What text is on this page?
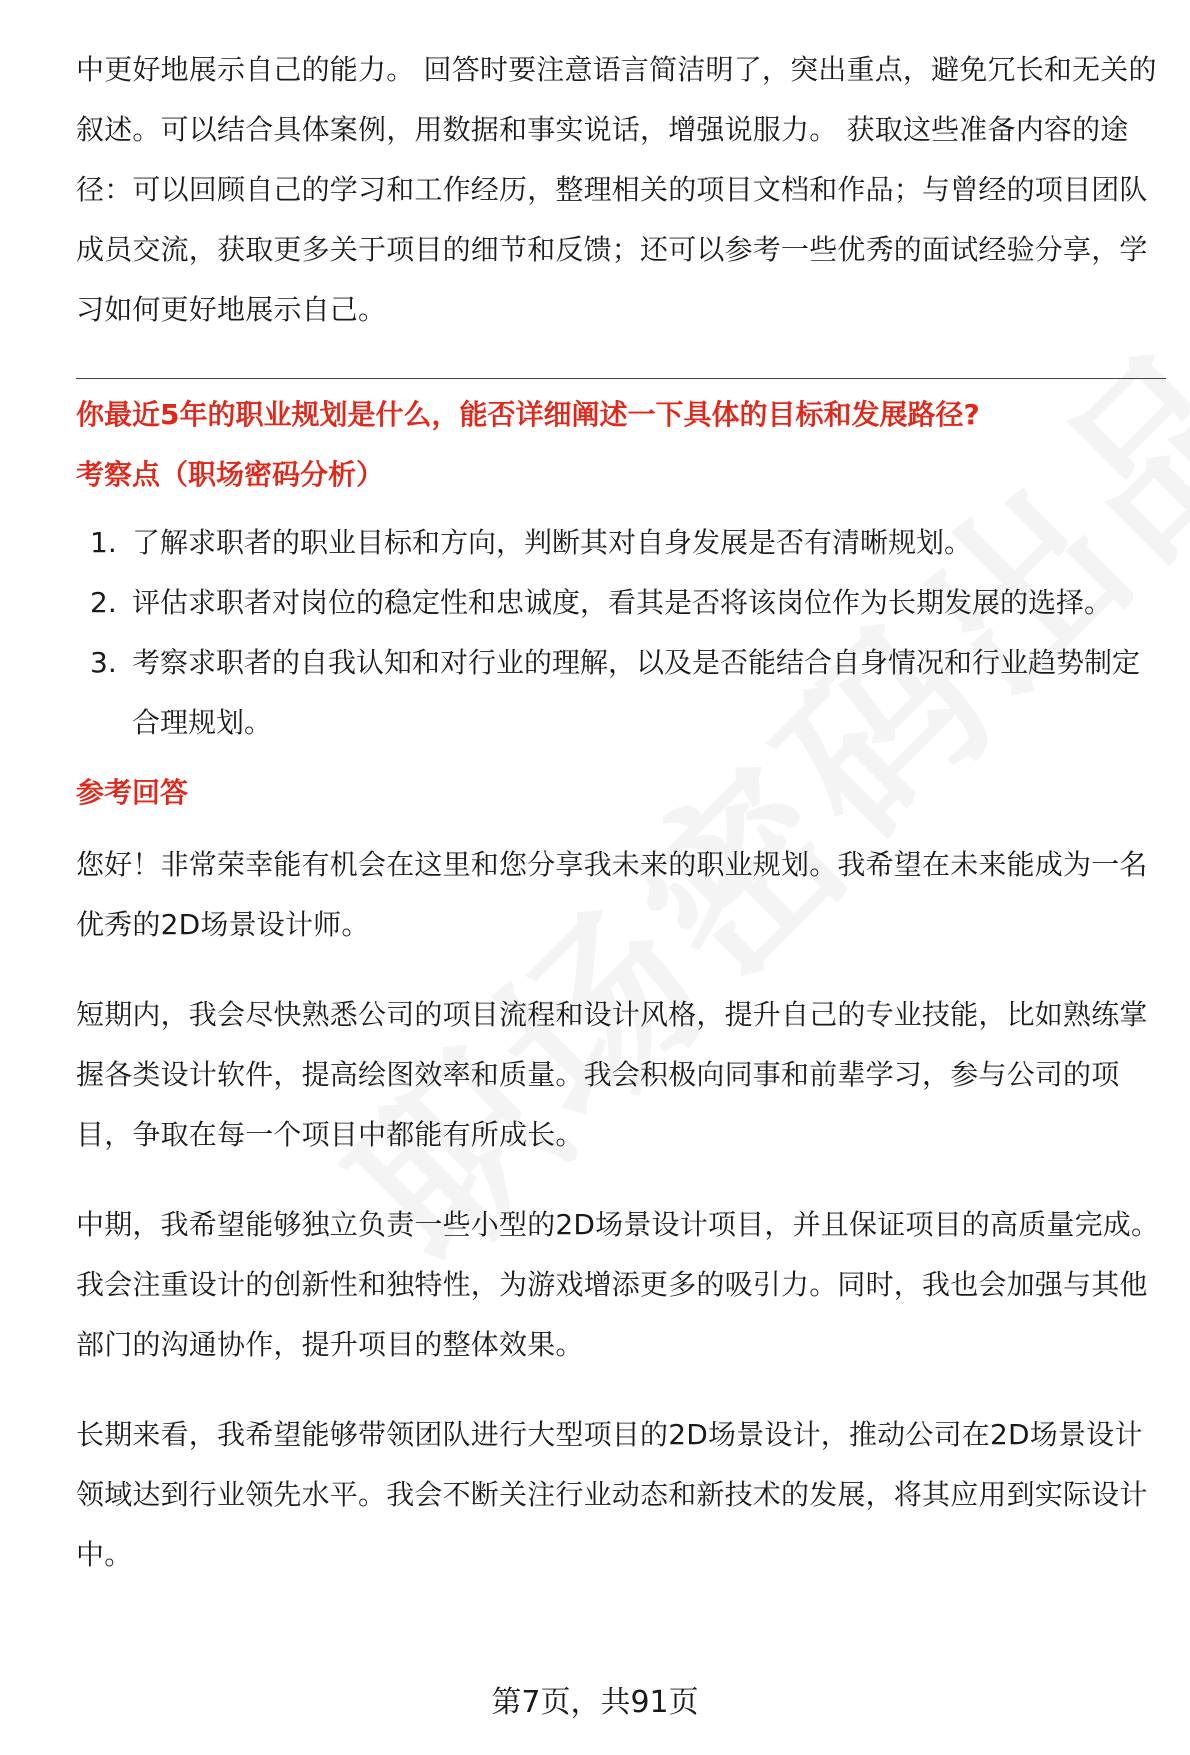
中更好地展示自己的能力。 回答时要注意语言简洁明了，突出重点，避免冗长和无关的叙述。可以结合具体案例，用数据和事实说话，增强说服力。 获取这些准备内容的途径：可以回顾自己的学习和工作经历，整理相关的项目文档和作品；与曾经的项目团队成员交流，获取更多关于项目的细节和反馈；还可以参考一些优秀的面试经验分享，学习如何更好地展示自己。

你最近5年的职业规划是什么，能否详细阐述一下具体的目标和发展路径?

考察点（职场密码分析）

1. 了解求职者的职业目标和方向，判断其对自身发展是否有清晰规划。
2. 评估求职者对岗位的稳定性和忠诚度，看其是否将该岗位作为长期发展的选择。
3. 考察求职者的自我认知和对行业的理解，以及是否能结合自身情况和行业趋势制定合理规划。

参考回答

您好！非常荣幸能有机会在这里和您分享我未来的职业规划。我希望在未来能成为一名优秀的2D场景设计师。

短期内，我会尽快熟悉公司的项目流程和设计风格，提升自己的专业技能，比如熟练掌握各类设计软件，提高绘图效率和质量。我会积极向同事和前辈学习，参与公司的项目，争取在每一个项目中都能有所成长。

中期，我希望能够独立负责一些小型的2D场景设计项目，并且保证项目的高质量完成。我会注重设计的创新性和独特性，为游戏增添更多的吸引力。同时，我也会加强与其他部门的沟通协作，提升项目的整体效果。

长期来看，我希望能够带领团队进行大型项目的2D场景设计，推动公司在2D场景设计领域达到行业领先水平。我会不断关注行业动态和新技术的发展，将其应用到实际设计中。

第7页，共91页
